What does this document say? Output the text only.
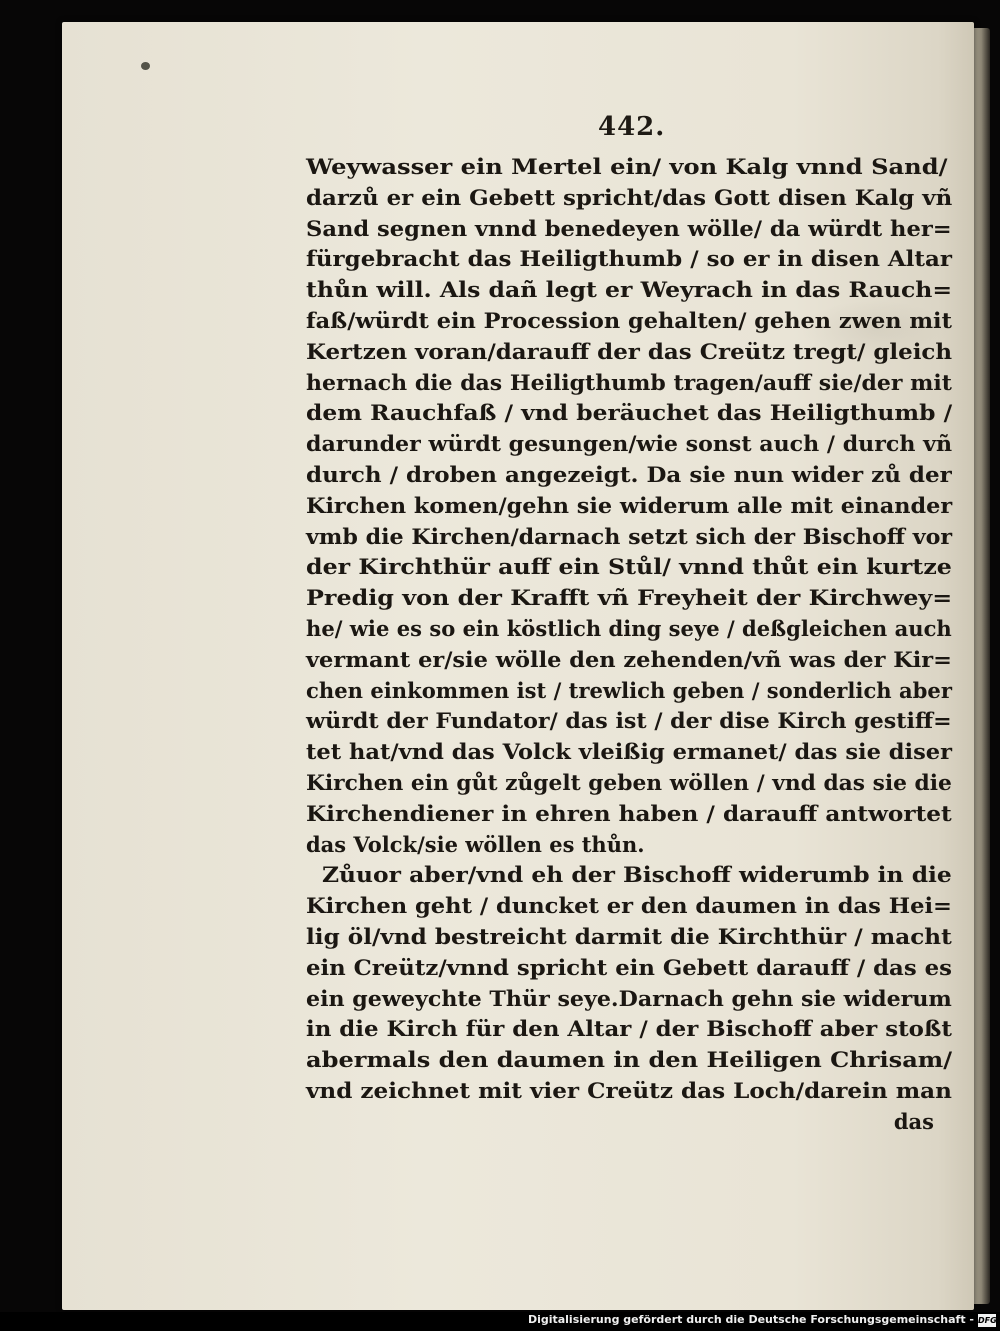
442.
Weywasser ein Mertel ein/ von Kalg vnnd Sand/
darzů er ein Gebett spricht/das Gott disen Kalg vñ
Sand segnen vnnd benedeyen wölle/ da würdt her=
fürgebracht das Heiligthumb / so er in disen Altar
thůn will. Als dañ legt er Weyrach in das Rauch=
faß/würdt ein Procession gehalten/ gehen zwen mit
Kertzen voran/darauff der das Creütz tregt/ gleich
hernach die das Heiligthumb tragen/auff sie/der mit
dem Rauchfaß / vnd beräuchet das Heiligthumb /
darunder würdt gesungen/wie sonst auch / durch vñ
durch / droben angezeigt. Da sie nun wider zů der
Kirchen komen/gehn sie widerum alle mit einander
vmb die Kirchen/darnach setzt sich der Bischoff vor
der Kirchthür auff ein Stůl/ vnnd thůt ein kurtze
Predig von der Krafft vñ Freyheit der Kirchwey=
he/ wie es so ein köstlich ding seye / deßgleichen auch
vermant er/sie wölle den zehenden/vñ was der Kir=
chen einkommen ist / trewlich geben / sonderlich aber
würdt der Fundator/ das ist / der dise Kirch gestiff=
tet hat/vnd das Volck vleißig ermanet/ das sie diser
Kirchen ein gůt zůgelt geben wöllen / vnd das sie die
Kirchendiener in ehren haben / darauff antwortet
das Volck/sie wöllen es thůn.
Zůuor aber/vnd eh der Bischoff widerumb in die
Kirchen geht / duncket er den daumen in das Hei=
lig öl/vnd bestreicht darmit die Kirchthür / macht
ein Creütz/vnnd spricht ein Gebett darauff / das es
ein geweychte Thür seye.Darnach gehn sie widerum
in die Kirch für den Altar / der Bischoff aber stoßt
abermals den daumen in den Heiligen Chrisam/
vnd zeichnet mit vier Creütz das Loch/darein man
das
Digitalisierung gefördert durch die Deutsche Forschungsgemeinschaft - DFG
